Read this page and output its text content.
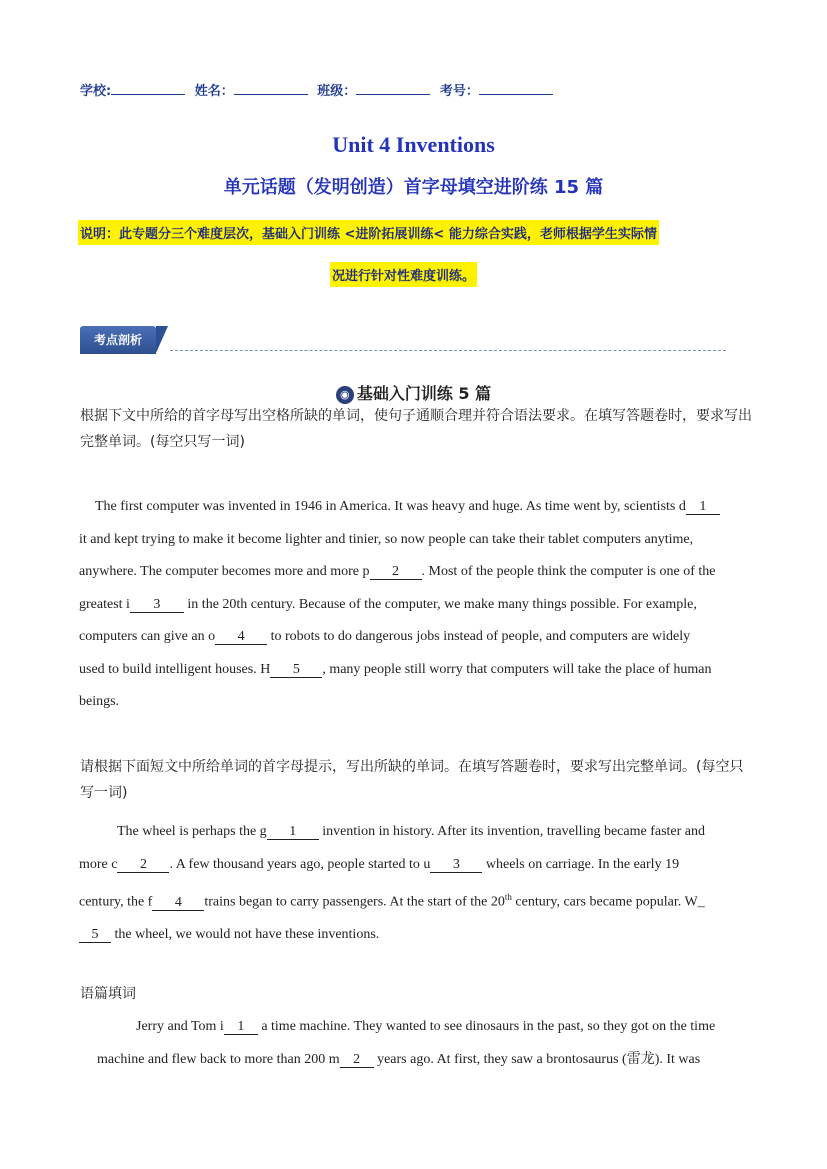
学校:	姓名：	班级：	考号：
Unit 4 Inventions
单元话题（发明创造）首字母填空进阶练 15 篇
说明：此专题分三个难度层次，基础入门训练 <进阶拓展训练< 能力综合实践，老师根据学生实际情
况进行针对性难度训练。
考点剖析
◉ 基础入门训练 5 篇
根据下文中所给的首字母写出空格所缺的单词，使句子通顺合理并符合语法要求。在填写答题卷时，要求写出完整单词。(每空只写一词)
The first computer was invented in 1946 in America. It was heavy and huge. As time went by, scientists d 1
it and kept trying to make it become lighter and tinier, so now people can take their tablet computers anytime,
anywhere. The computer becomes more and more p 2 . Most of the people think the computer is one of the
greatest i 3 in the 20th century. Because of the computer, we make many things possible. For example,
computers can give an o 4 to robots to do dangerous jobs instead of people, and computers are widely
used to build intelligent houses. H 5 , many people still worry that computers will take the place of human
beings.
请根据下面短文中所给单词的首字母提示，写出所缺的单词。在填写答题卷时，要求写出完整单词。(每空只写一词)
The wheel is perhaps the g 1 invention in history. After its invention, travelling became faster and
more c 2 . A few thousand years ago, people started to u 3 wheels on carriage. In the early 19
century, the f 4 trains began to carry passengers. At the start of the 20th century, cars became popular. W_
5 the wheel, we would not have these inventions.
语篇填词
Jerry and Tom i 1 a time machine. They wanted to see dinosaurs in the past, so they got on the time
machine and flew back to more than 200 m 2 years ago. At first, they saw a brontosaurus (雷龙). It was
